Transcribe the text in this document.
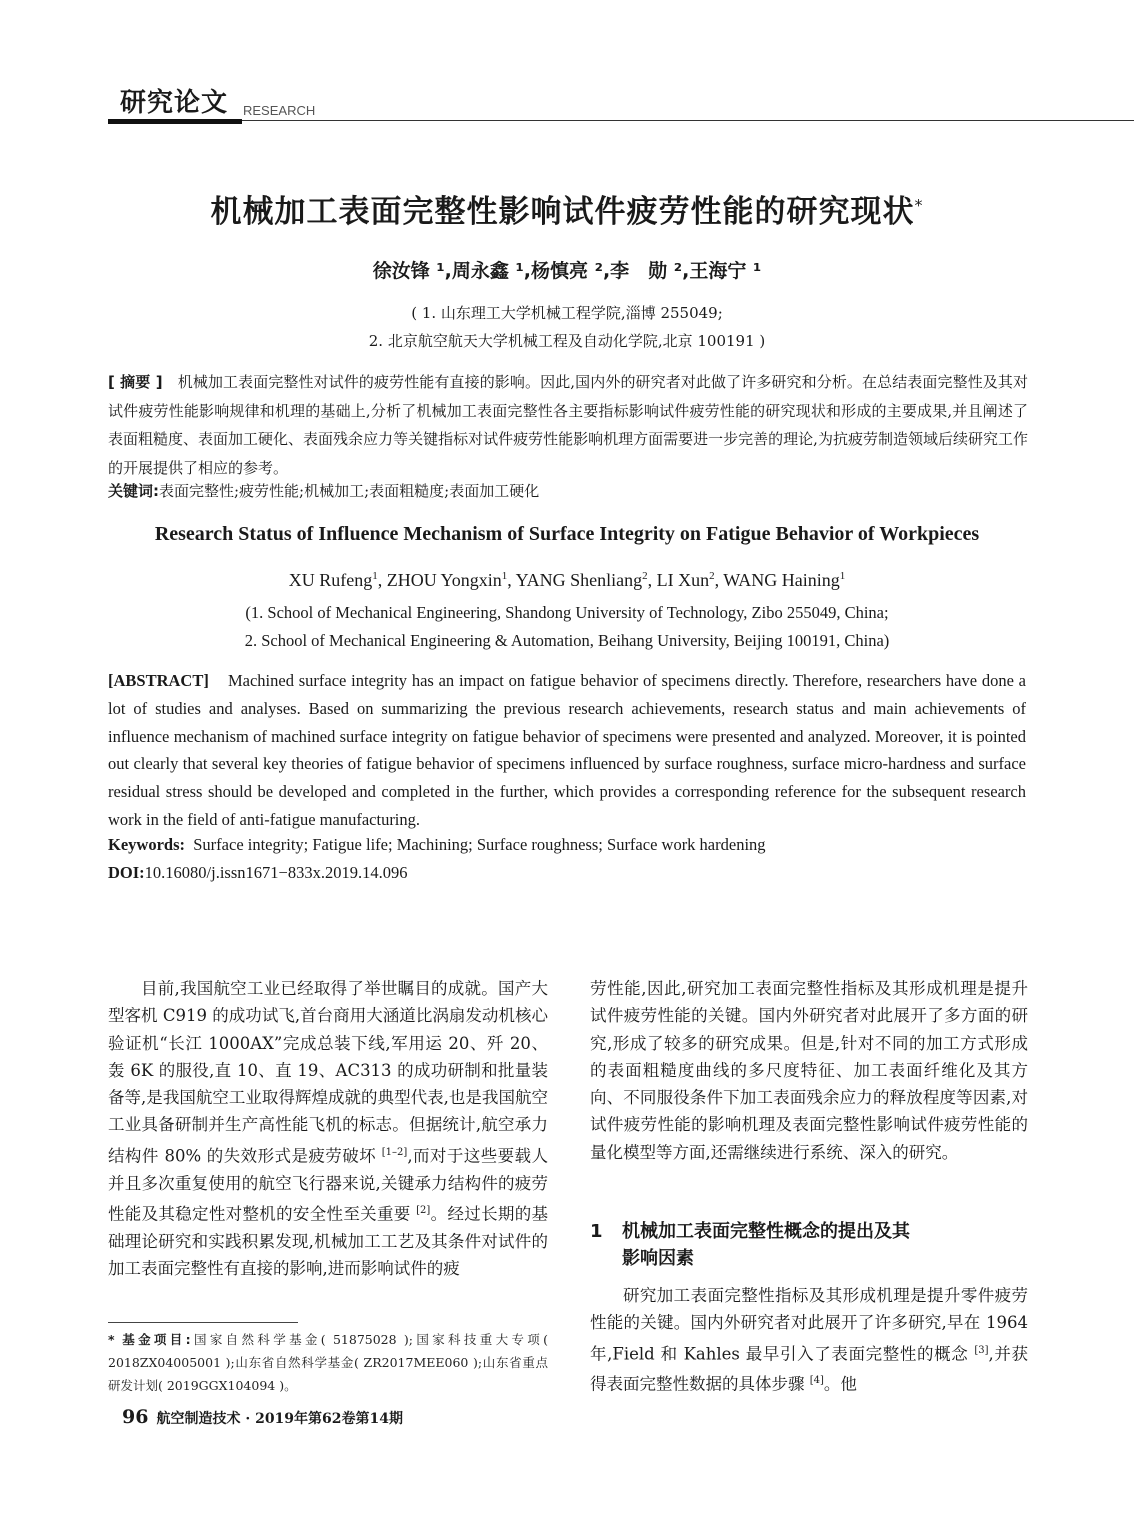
研究论文 RESEARCH
机械加工表面完整性影响试件疲劳性能的研究现状*
徐汝锋 ¹,周永鑫 ¹,杨慎亮 ²,李　勋 ²,王海宁 ¹
( 1. 山东理工大学机械工程学院,淄博 255049;
2. 北京航空航天大学机械工程及自动化学院,北京 100191 )
[ 摘要 ]　 机械加工表面完整性对试件的疲劳性能有直接的影响。因此,国内外的研究者对此做了许多研究和分析。在总结表面完整性及其对试件疲劳性能影响规律和机理的基础上,分析了机械加工表面完整性各主要指标影响试件疲劳性能的研究现状和形成的主要成果,并且阐述了表面粗糙度、表面加工硬化、表面残余应力等关键指标对试件疲劳性能影响机理方面需要进一步完善的理论,为抗疲劳制造领域后续研究工作的开展提供了相应的参考。
关键词:表面完整性;疲劳性能;机械加工;表面粗糙度;表面加工硬化
Research Status of Influence Mechanism of Surface Integrity on Fatigue Behavior of Workpieces
XU Rufeng$^1$, ZHOU Yongxin$^1$, YANG Shenliang$^2$, LI Xun$^2$, WANG Haining$^1$
(1. School of Mechanical Engineering, Shandong University of Technology, Zibo 255049, China;
2. School of Mechanical Engineering & Automation, Beihang University, Beijing 100191, China)
[ABSTRACT] Machined surface integrity has an impact on fatigue behavior of specimens directly. Therefore, researchers have done a lot of studies and analyses. Based on summarizing the previous research achievements, research status and main achievements of influence mechanism of machined surface integrity on fatigue behavior of specimens were presented and analyzed. Moreover, it is pointed out clearly that several key theories of fatigue behavior of specimens influenced by surface roughness, surface micro-hardness and surface residual stress should be developed and completed in the further, which provides a corresponding reference for the subsequent research work in the field of anti-fatigue manufacturing.
Keywords: Surface integrity; Fatigue life; Machining; Surface roughness; Surface work hardening
DOI:10.16080/j.issn1671−833x.2019.14.096
目前,我国航空工业已经取得了举世瞩目的成就。国产大型客机 C919 的成功试飞,首台商用大涵道比涡扇发动机核心验证机“长江 1000AX”完成总装下线,军用运 20、歼 20、轰 6K 的服役,直 10、直 19、AC313 的成功研制和批量装备等,是我国航空工业取得辉煌成就的典型代表,也是我国航空工业具备研制并生产高性能飞机的标志。但据统计,航空承力结构件 80% 的失效形式是疲劳破坏 [1–2],而对于这些要载人并且多次重复使用的航空飞行器来说,关键承力结构件的疲劳性能及其稳定性对整机的安全性至关重要 [2]。经过长期的基础理论研究和实践积累发现,机械加工工艺及其条件对试件的加工表面完整性有直接的影响,进而影响试件的疲
劳性能,因此,研究加工表面完整性指标及其形成机理是提升试件疲劳性能的关键。国内外研究者对此展开了多方面的研究,形成了较多的研究成果。但是,针对不同的加工方式形成的表面粗糙度曲线的多尺度特征、加工表面纤维化及其方向、不同服役条件下加工表面残余应力的释放程度等因素,对试件疲劳性能的影响机理及表面完整性影响试件疲劳性能的量化模型等方面,还需继续进行系统、深入的研究。
1 机械加工表面完整性概念的提出及其
影响因素
研究加工表面完整性指标及其形成机理是提升零件疲劳性能的关键。国内外研究者对此展开了许多研究,早在 1964 年,Field 和 Kahles 最早引入了表面完整性的概念 [3],并获得表面完整性数据的具体步骤 [4]。他
* 基金项目:国家自然科学基金( 51875028 );国家科技重大专项( 2018ZX04005001 );山东省自然科学基金( ZR2017MEE060 );山东省重点研发计划( 2019GGX104094 )。
96 航空制造技术 · 2019年第62卷第14期
